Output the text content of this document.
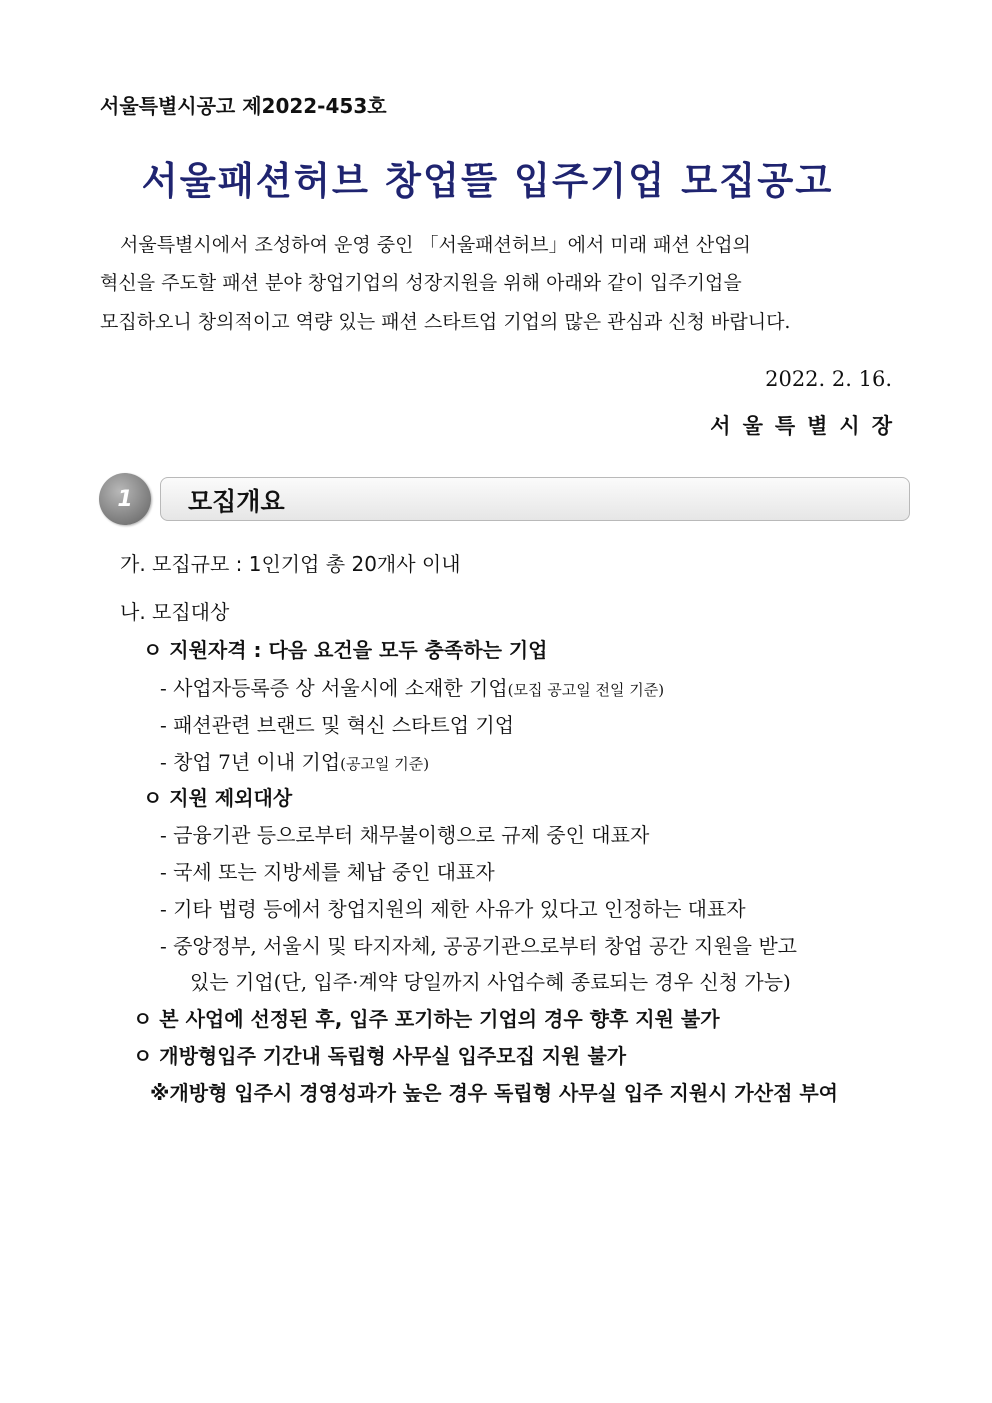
서울특별시공고 제2022-453호
서울패션허브 창업뜰 입주기업 모집공고
서울특별시에서 조성하여 운영 중인 「서울패션허브」에서 미래 패션 산업의
혁신을 주도할 패션 분야 창업기업의 성장지원을 위해 아래와 같이 입주기업을
모집하오니 창의적이고 역량 있는 패션 스타트업 기업의 많은 관심과 신청 바랍니다.
2022. 2. 16.
서울특별시장
1	모집개요
가. 모집규모 : 1인기업 총 20개사 이내
나. 모집대상
ㅇ 지원자격 : 다음 요건을 모두 충족하는 기업
- 사업자등록증 상 서울시에 소재한 기업(모집 공고일 전일 기준)
- 패션관련 브랜드 및 혁신 스타트업 기업
- 창업 7년 이내 기업(공고일 기준)
ㅇ 지원 제외대상
- 금융기관 등으로부터 채무불이행으로 규제 중인 대표자
- 국세 또는 지방세를 체납 중인 대표자
- 기타 법령 등에서 창업지원의 제한 사유가 있다고 인정하는 대표자
- 중앙정부, 서울시 및 타지자체, 공공기관으로부터 창업 공간 지원을 받고
있는 기업(단, 입주·계약 당일까지 사업수혜 종료되는 경우 신청 가능)
ㅇ 본 사업에 선정된 후, 입주 포기하는 기업의 경우 향후 지원 불가
ㅇ 개방형입주 기간내 독립형 사무실 입주모집 지원 불가
※개방형 입주시 경영성과가 높은 경우 독립형 사무실 입주 지원시 가산점 부여
